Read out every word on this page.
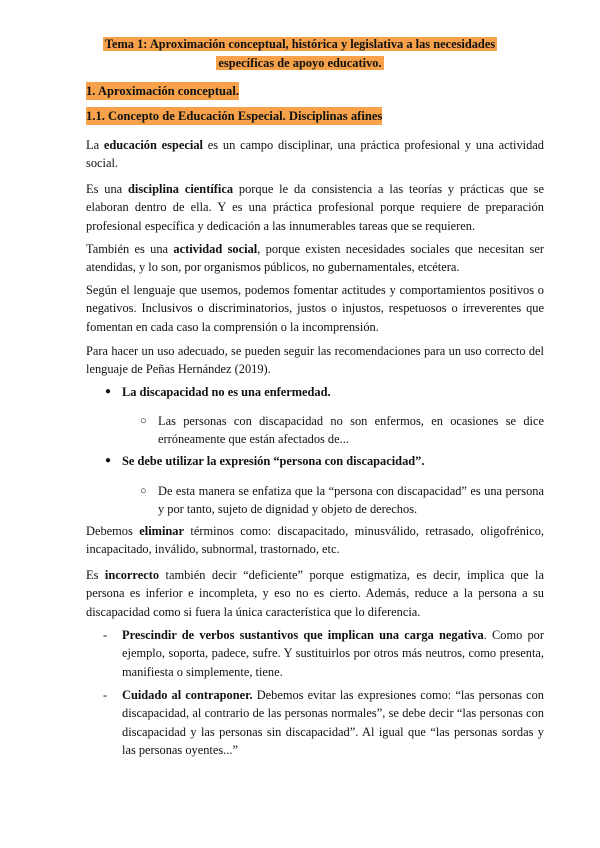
Tema 1: Aproximación conceptual, histórica y legislativa a las necesidades
específicas de apoyo educativo.
1. Aproximación conceptual.
1.1. Concepto de Educación Especial. Disciplinas afines

La educación especial es un campo disciplinar, una práctica profesional y una actividad social.

Es una disciplina científica porque le da consistencia a las teorías y prácticas que se elaboran dentro de ella. Y es una práctica profesional porque requiere de preparación profesional específica y dedicación a las innumerables tareas que se requieren.

También es una actividad social, porque existen necesidades sociales que necesitan ser atendidas, y lo son, por organismos públicos, no gubernamentales, etcétera.

Según el lenguaje que usemos, podemos fomentar actitudes y comportamientos positivos o negativos. Inclusivos o discriminatorios, justos o injustos, respetuosos o irreverentes que fomentan en cada caso la comprensión o la incomprensión.

Para hacer un uso adecuado, se pueden seguir las recomendaciones para un uso correcto del lenguaje de Peñas Hernández (2019).

● La discapacidad no es una enfermedad.

○ Las personas con discapacidad no son enfermos, en ocasiones se dice erróneamente que están afectados de...

● Se debe utilizar la expresión “persona con discapacidad”.

○ De esta manera se enfatiza que la “persona con discapacidad” es una persona y por tanto, sujeto de dignidad y objeto de derechos.

Debemos eliminar términos como: discapacitado, minusválido, retrasado, oligofrénico, incapacitado, inválido, subnormal, trastornado, etc.

Es incorrecto también decir “deficiente” porque estigmatiza, es decir, implica que la persona es inferior e incompleta, y eso no es cierto. Además, reduce a la persona a su discapacidad como si fuera la única característica que lo diferencia.

- Prescindir de verbos sustantivos que implican una carga negativa. Como por ejemplo, soporta, padece, sufre. Y sustituirlos por otros más neutros, como presenta, manifiesta o simplemente, tiene.

- Cuidado al contraponer. Debemos evitar las expresiones como: “las personas con discapacidad, al contrario de las personas normales”, se debe decir “las personas con discapacidad y las personas sin discapacidad”. Al igual que “las personas sordas y las personas oyentes...”
